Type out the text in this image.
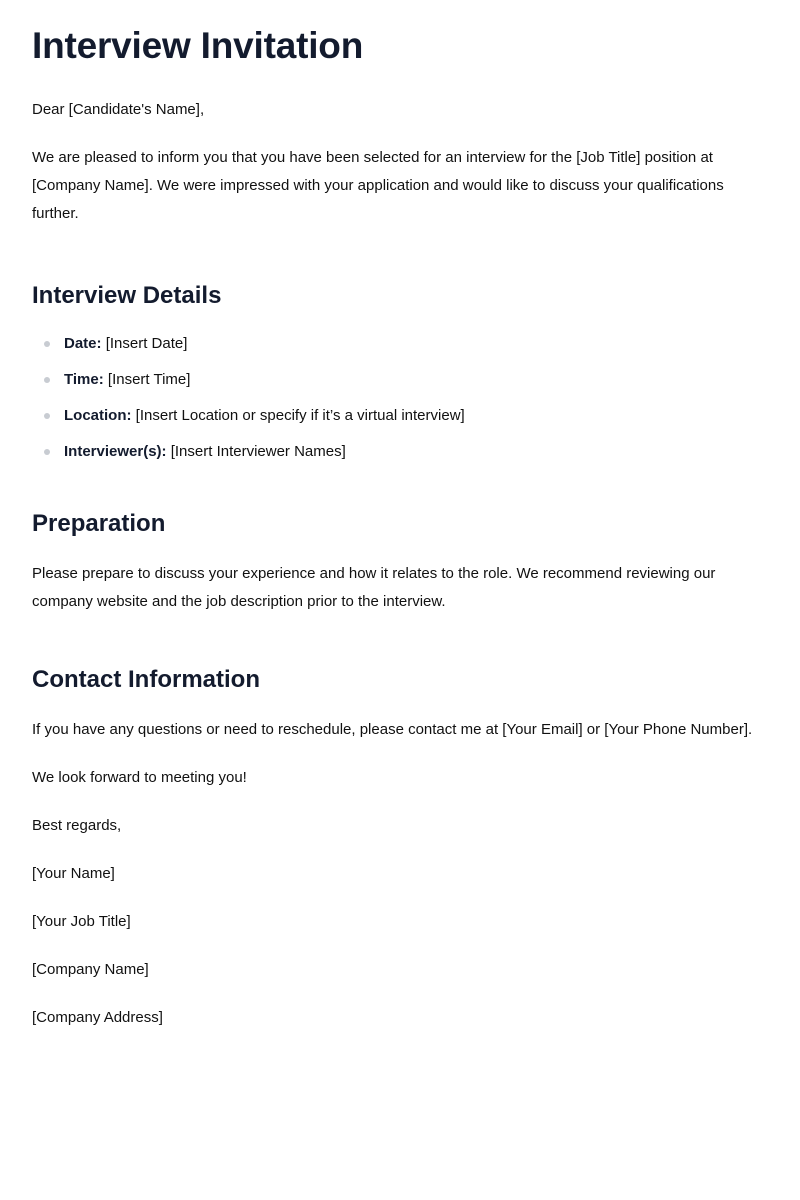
Interview Invitation

Dear [Candidate's Name],

We are pleased to inform you that you have been selected for an interview for the [Job Title] position at [Company Name]. We were impressed with your application and would like to discuss your qualifications further.

Interview Details
Date: [Insert Date]
Time: [Insert Time]
Location: [Insert Location or specify if it’s a virtual interview]
Interviewer(s): [Insert Interviewer Names]
Preparation

Please prepare to discuss your experience and how it relates to the role. We recommend reviewing our company website and the job description prior to the interview.

Contact Information

If you have any questions or need to reschedule, please contact me at [Your Email] or [Your Phone Number].

We look forward to meeting you!

Best regards,

[Your Name]

[Your Job Title]

[Company Name]

[Company Address]
